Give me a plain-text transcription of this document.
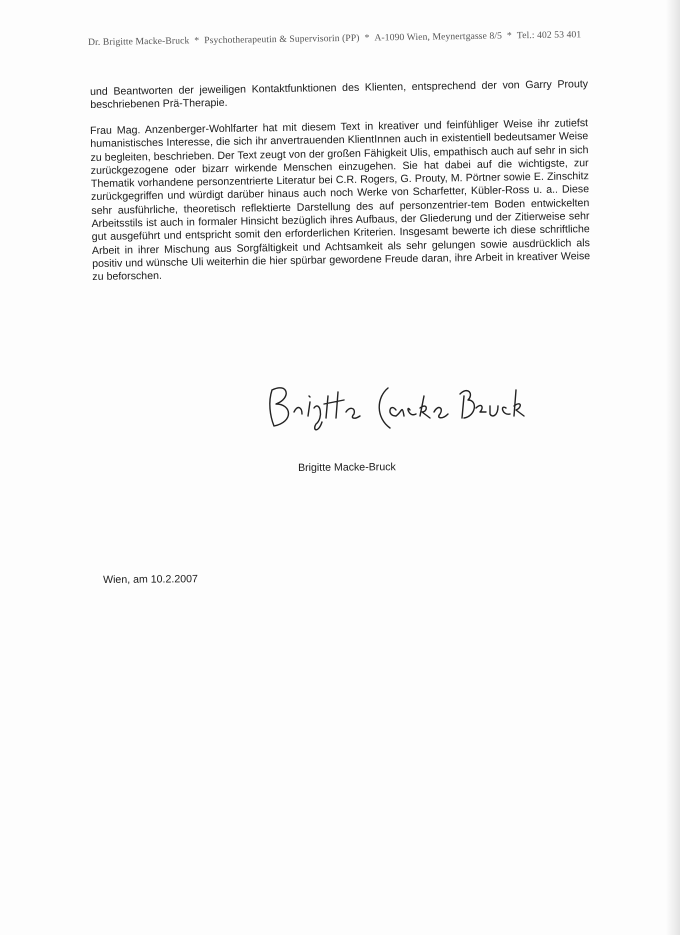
Dr. Brigitte Macke-Bruck * Psychotherapeutin & Supervisorin (PP) * A-1090 Wien, Meynertgasse 8/5 * Tel.: 402 53 401

und Beantworten der jeweiligen Kontaktfunktionen des Klienten, entsprechend der von Garry Prouty beschriebenen Prä-Therapie.

Frau Mag. Anzenberger-Wohlfarter hat mit diesem Text in kreativer und feinfühliger Weise ihr zutiefst humanistisches Interesse, die sich ihr anvertrauenden KlientInnen auch in existentiell bedeutsamer Weise zu begleiten, beschrieben. Der Text zeugt von der großen Fähigkeit Ulis, empathisch auch auf sehr in sich zurückgezogene oder bizarr wirkende Menschen einzugehen. Sie hat dabei auf die wichtigste, zur Thematik vorhandene personzentrierte Literatur bei C.R. Rogers, G. Prouty, M. Pörtner sowie E. Zinschitz zurückgegriffen und würdigt darüber hinaus auch noch Werke von Scharfetter, Kübler-Ross u. a.. Diese sehr ausführliche, theoretisch reflektierte Darstellung des auf personzentrier-tem Boden entwickelten Arbeitsstils ist auch in formaler Hinsicht bezüglich ihres Aufbaus, der Gliederung und der Zitierweise sehr gut ausgeführt und entspricht somit den erforderlichen Kriterien. Insgesamt bewerte ich diese schriftliche Arbeit in ihrer Mischung aus Sorgfältigkeit und Achtsamkeit als sehr gelungen sowie ausdrücklich als positiv und wünsche Uli weiterhin die hier spürbar gewordene Freude daran, ihre Arbeit in kreativer Weise zu beforschen.

Brigitte Macke-Bruck
Wien, am 10.2.2007
